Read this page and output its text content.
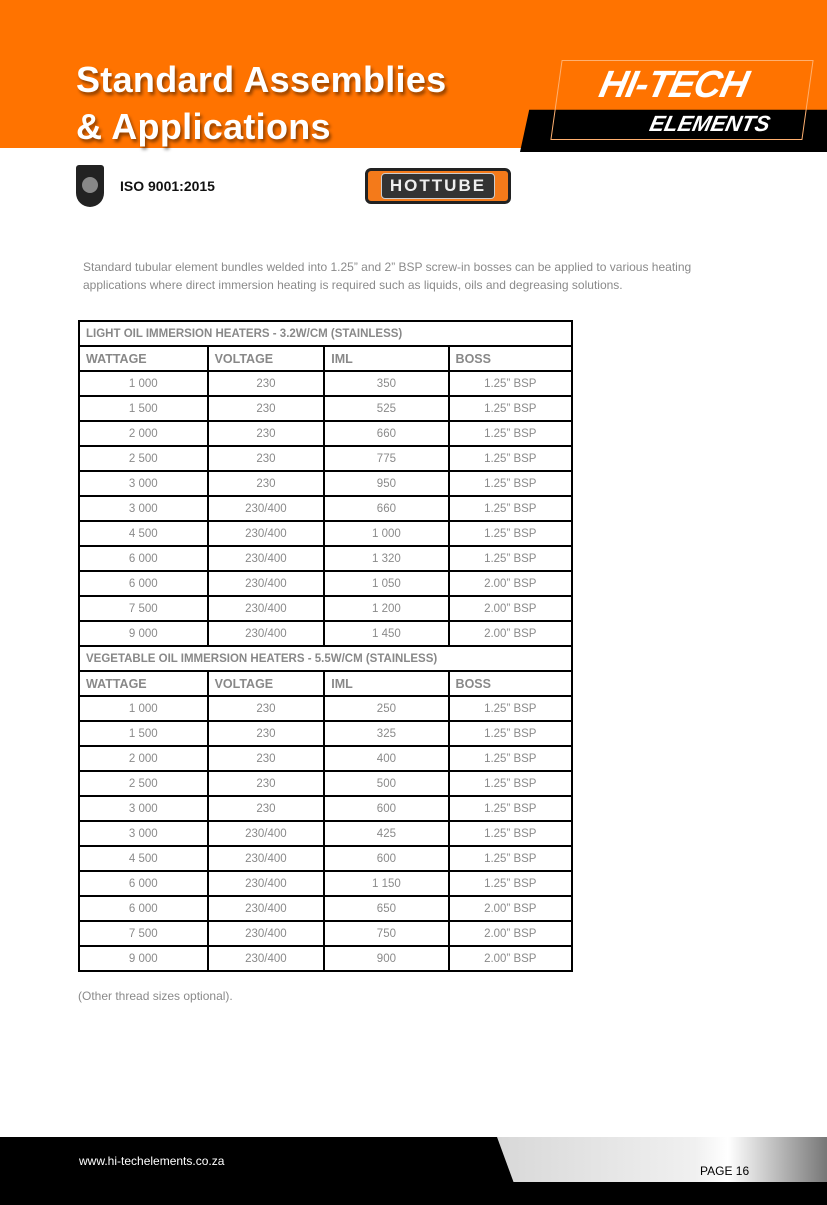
Standard Assemblies
& Applications
HI-TECH
ELEMENTS
ISO 9001:2015	HOTTUBE

Standard tubular element bundles welded into 1.25” and 2” BSP screw-in bosses can be applied to various heating applications where direct immersion heating is required such as liquids, oils and degreasing solutions.

LIGHT OIL IMMERSION HEATERS - 3.2W/CM (STAINLESS)			
WATTAGE	VOLTAGE	IML	BOSS
1 000	230	350	1.25” BSP
1 500	230	525	1.25” BSP
2 000	230	660	1.25” BSP
2 500	230	775	1.25” BSP
3 000	230	950	1.25” BSP
3 000	230/400	660	1.25” BSP
4 500	230/400	1 000	1.25” BSP
6 000	230/400	1 320	1.25” BSP
6 000	230/400	1 050	2.00” BSP
7 500	230/400	1 200	2.00” BSP
9 000	230/400	1 450	2.00” BSP
VEGETABLE OIL IMMERSION HEATERS - 5.5W/CM (STAINLESS)			
WATTAGE	VOLTAGE	IML	BOSS
1 000	230	250	1.25” BSP
1 500	230	325	1.25” BSP
2 000	230	400	1.25” BSP
2 500	230	500	1.25” BSP
3 000	230	600	1.25” BSP
3 000	230/400	425	1.25” BSP
4 500	230/400	600	1.25” BSP
6 000	230/400	1 150	1.25” BSP
6 000	230/400	650	2.00” BSP
7 500	230/400	750	2.00” BSP
9 000	230/400	900	2.00” BSP
(Other thread sizes optional).
www.hi-techelements.co.za
PAGE 16
